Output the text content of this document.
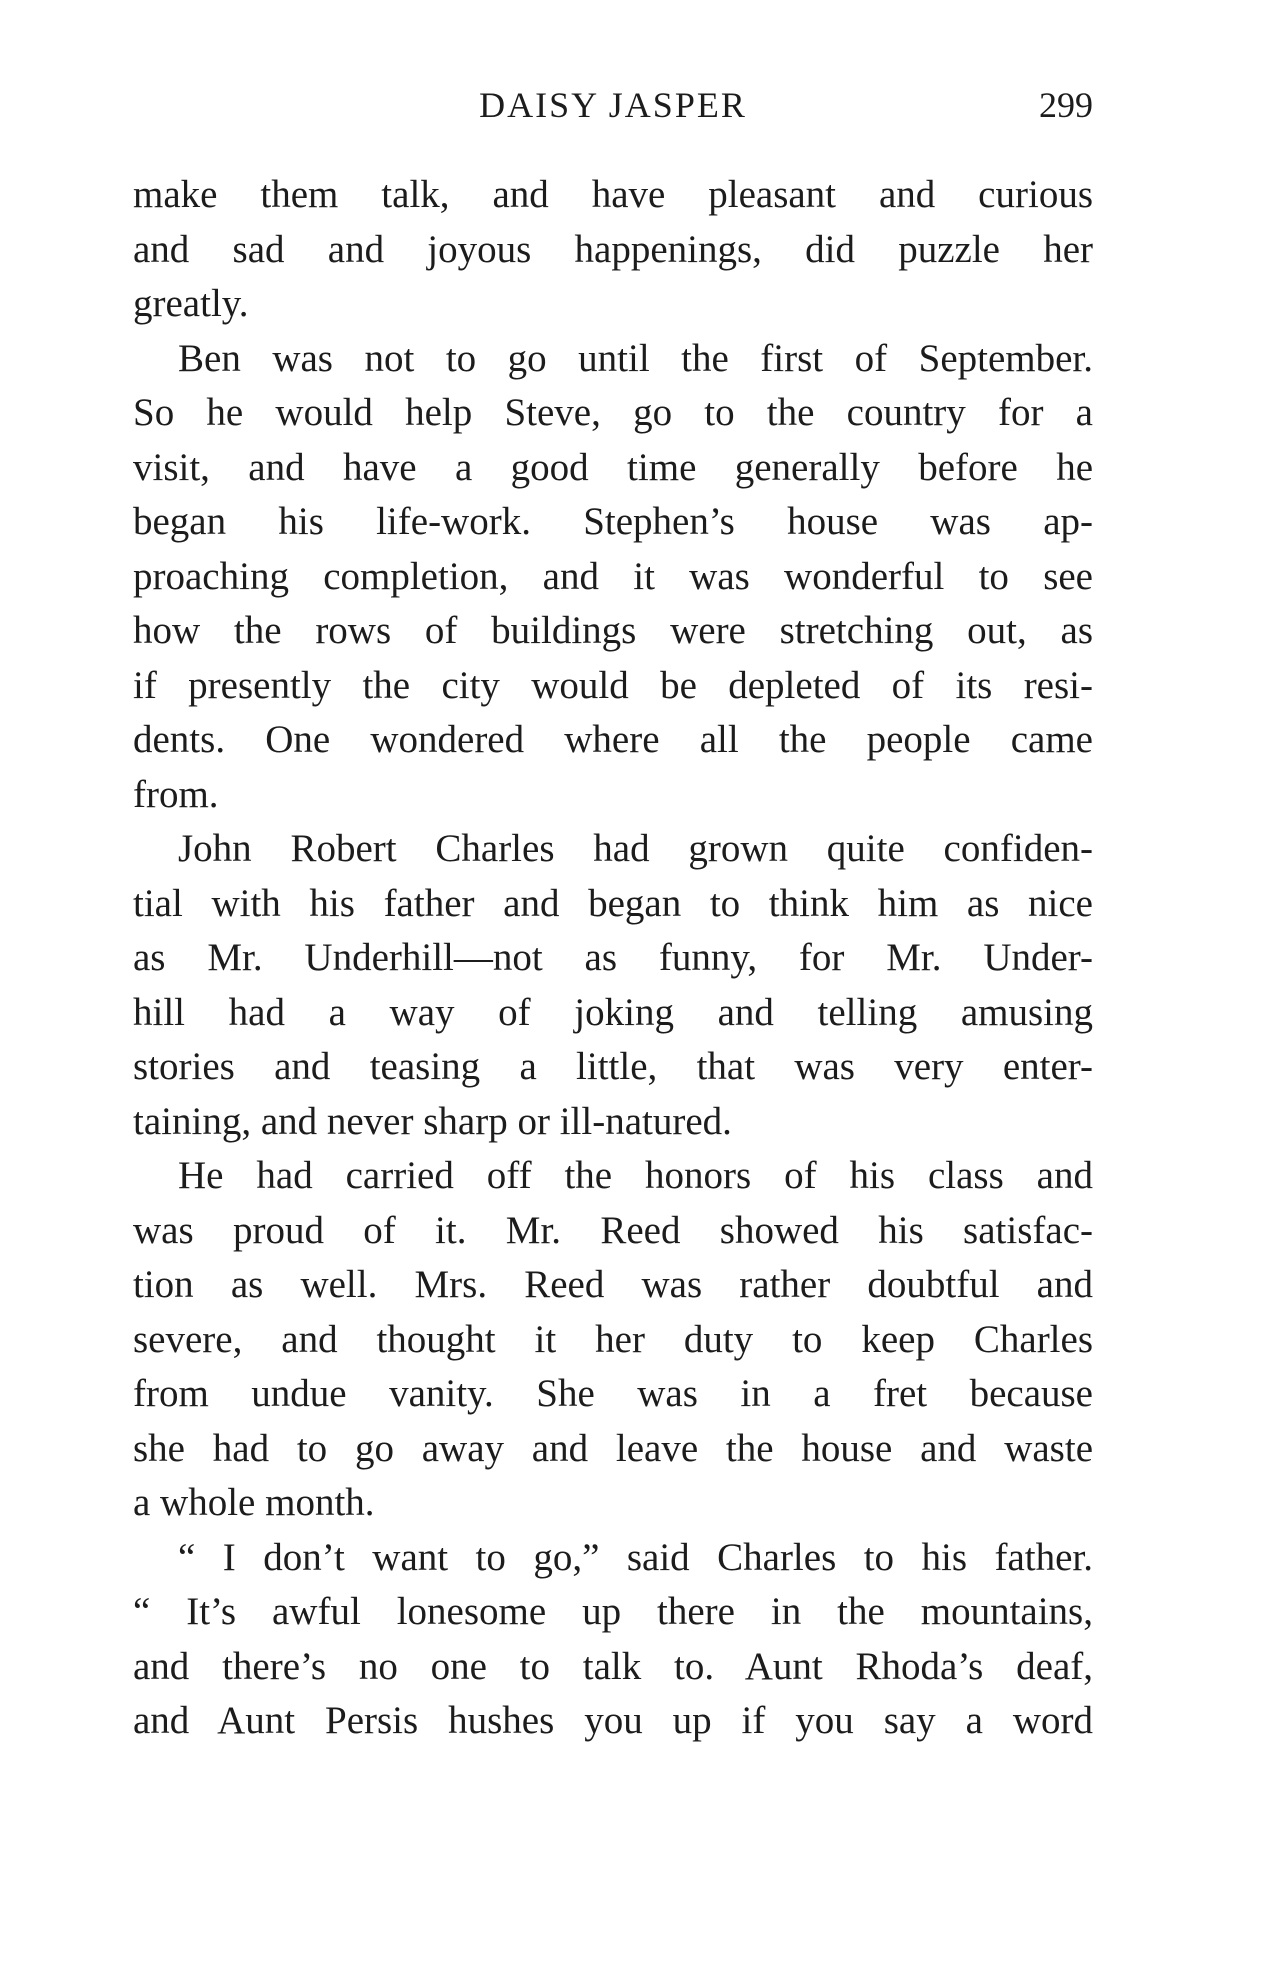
DAISY JASPER	299
make them talk, and have pleasant and curious
and sad and joyous happenings, did puzzle her
greatly.
Ben was not to go until the first of September.
So he would help Steve, go to the country for a
visit, and have a good time generally before he
began his life-work. Stephen’s house was ap-
proaching completion, and it was wonderful to see
how the rows of buildings were stretching out, as
if presently the city would be depleted of its resi-
dents. One wondered where all the people came
from.
John Robert Charles had grown quite confiden-
tial with his father and began to think him as nice
as Mr. Underhill—not as funny, for Mr. Under-
hill had a way of joking and telling amusing
stories and teasing a little, that was very enter-
taining, and never sharp or ill-natured.
He had carried off the honors of his class and
was proud of it. Mr. Reed showed his satisfac-
tion as well. Mrs. Reed was rather doubtful and
severe, and thought it her duty to keep Charles
from undue vanity. She was in a fret because
she had to go away and leave the house and waste
a whole month.
“ I don’t want to go,” said Charles to his father.
“ It’s awful lonesome up there in the mountains,
and there’s no one to talk to. Aunt Rhoda’s deaf,
and Aunt Persis hushes you up if you say a word
